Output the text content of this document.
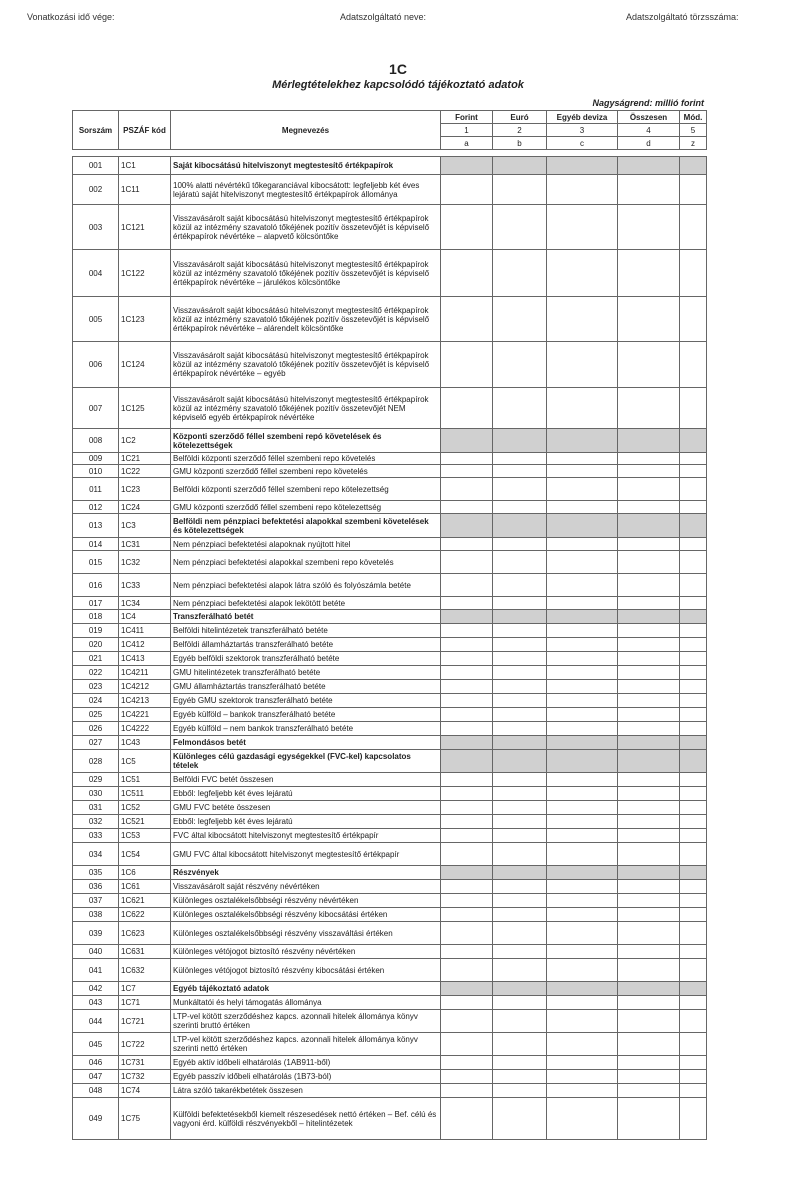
Vonatkozási idő vége:	Adatszolgáltató neve:	Adatszolgáltató törzsszáma:
1C
Mérlegtételekhez kapcsolódó tájékoztató adatok
Nagyságrend: millió forint
Sorszám	PSZÁF kód	Megnevezés	Forint	Euró	Egyéb deviza	Összesen	Mód.
			1	2	3	4	5
			a	b	c	d	z

001	1C1	Saját kibocsátású hitelviszonyt megtestesítő értékpapírok					
002	1C11	100% alatti névértékű tőkegaranciával kibocsátott: legfeljebb két éves lejáratú saját hitelviszonyt megtestesítő értékpapírok állománya					
003	1C121	Visszavásárolt saját kibocsátású hitelviszonyt megtestesítő értékpapírok közül az intézmény szavatoló tőkéjének pozitív összetevőjét is képviselő értékpapírok névértéke – alapvető kölcsöntőke					
004	1C122	Visszavásárolt saját kibocsátású hitelviszonyt megtestesítő értékpapírok közül az intézmény szavatoló tőkéjének pozitív összetevőjét is képviselő értékpapírok névértéke – járulékos kölcsöntőke					
005	1C123	Visszavásárolt saját kibocsátású hitelviszonyt megtestesítő értékpapírok közül az intézmény szavatoló tőkéjének pozitív összetevőjét is képviselő értékpapírok névértéke – alárendelt kölcsöntőke					
006	1C124	Visszavásárolt saját kibocsátású hitelviszonyt megtestesítő értékpapírok közül az intézmény szavatoló tőkéjének pozitív összetevőjét is képviselő értékpapírok névértéke – egyéb					
007	1C125	Visszavásárolt saját kibocsátású hitelviszonyt megtestesítő értékpapírok közül az intézmény szavatoló tőkéjének pozitív összetevőjét NEM képviselő egyéb értékpapírok névértéke					
008	1C2	Központi szerződő féllel szembeni repó követelések és kötelezettségek					
009	1C21	Belföldi központi szerződő féllel szembeni repo követelés					
010	1C22	GMU központi szerződő féllel szembeni repo követelés					
011	1C23	Belföldi központi szerződő féllel szembeni repo kötelezettség					
012	1C24	GMU központi szerződő féllel szembeni repo kötelezettség					
013	1C3	Belföldi nem pénzpiaci befektetési alapokkal szembeni követelések és kötelezettségek					
014	1C31	Nem pénzpiaci befektetési alapoknak nyújtott hitel					
015	1C32	Nem pénzpiaci befektetési alapokkal szembeni repo követelés					
016	1C33	Nem pénzpiaci befektetési alapok látra szóló és folyószámla betéte					
017	1C34	Nem pénzpiaci befektetési alapok lekötött betéte					
018	1C4	Transzferálható betét					
019	1C411	Belföldi hitelintézetek transzferálható betéte					
020	1C412	Belföldi államháztartás transzferálható betéte					
021	1C413	Egyéb belföldi szektorok transzferálható betéte					
022	1C4211	GMU hitelintézetek transzferálható betéte					
023	1C4212	GMU államháztartás transzferálható betéte					
024	1C4213	Egyéb GMU szektorok transzferálható betéte					
025	1C4221	Egyéb külföld – bankok transzferálható betéte					
026	1C4222	Egyéb külföld – nem bankok transzferálható betéte					
027	1C43	Felmondásos betét					
028	1C5	Különleges célú gazdasági egységekkel (FVC-kel) kapcsolatos tételek					
029	1C51	Belföldi FVC betét összesen					
030	1C511	Ebből: legfeljebb két éves lejáratú					
031	1C52	GMU FVC betéte összesen					
032	1C521	Ebből: legfeljebb két éves lejáratú					
033	1C53	FVC által kibocsátott hitelviszonyt megtestesítő értékpapír					
034	1C54	GMU FVC által kibocsátott hitelviszonyt megtestesítő értékpapír					
035	1C6	Részvények					
036	1C61	Visszavásárolt saját részvény névértéken					
037	1C621	Különleges osztalékelsőbbségi részvény névértéken					
038	1C622	Különleges osztalékelsőbbségi részvény kibocsátási értéken					
039	1C623	Különleges osztalékelsőbbségi részvény visszaváltási értéken					
040	1C631	Különleges vétójogot biztosító részvény névértéken					
041	1C632	Különleges vétójogot biztosító részvény kibocsátási értéken					
042	1C7	Egyéb tájékoztató adatok					
043	1C71	Munkáltatói és helyi támogatás állománya					
044	1C721	LTP-vel kötött szerződéshez kapcs. azonnali hitelek állománya könyv szerinti bruttó értéken					
045	1C722	LTP-vel kötött szerződéshez kapcs. azonnali hitelek állománya könyv szerinti nettó értéken					
046	1C731	Egyéb aktív időbeli elhatárolás (1AB911-ből)					
047	1C732	Egyéb passzív időbeli elhatárolás (1B73-ból)					
048	1C74	Látra szóló takarékbetétek összesen					
049	1C75	Külföldi befektetésekből kiemelt részesedések nettó értéken – Bef. célú és vagyoni érd. külföldi részvényekből – hitelintézetek					
